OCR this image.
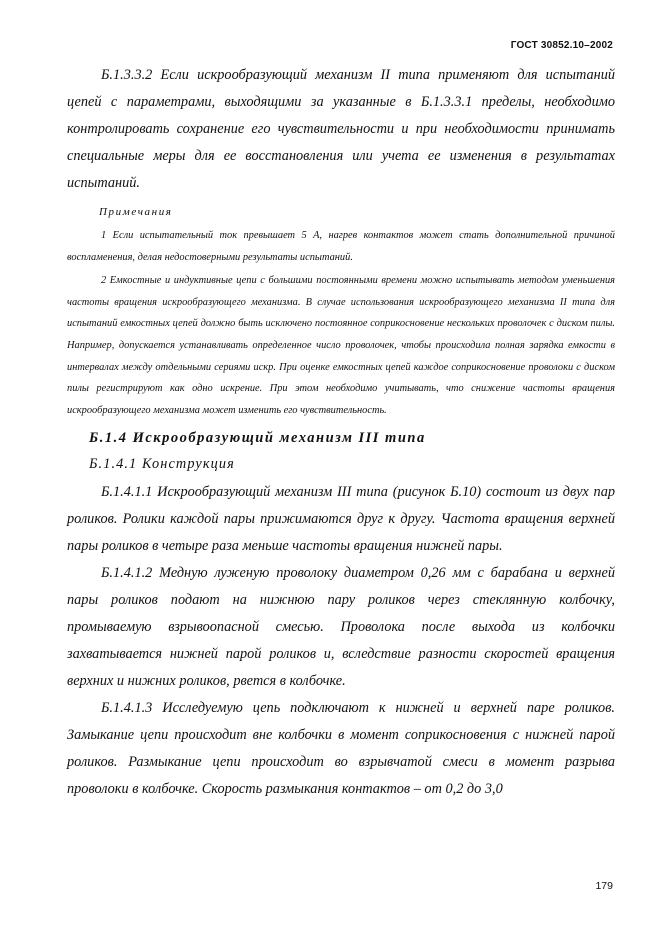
ГОСТ 30852.10–2002

Б.1.3.3.2 Если искрообразующий механизм II типа применяют для испытаний цепей с параметрами, выходящими за указанные в Б.1.3.3.1 пределы, необходимо контролировать сохранение его чувствительности и при необходимости принимать специальные меры для ее восстановления или учета ее изменения в результатах испытаний.

Примечания

1 Если испытательный ток превышает 5 А, нагрев контактов может стать дополнительной причиной воспламенения, делая недостоверными результаты испытаний.

2 Емкостные и индуктивные цепи с большими постоянными времени можно испытывать методом уменьшения частоты вращения искрообразующего механизма. В случае использования искрообразующего механизма II типа для испытаний емкостных цепей должно быть исключено постоянное соприкосновение нескольких проволочек с диском пилы. Например, допускается устанавливать определенное число проволочек, чтобы происходила полная зарядка емкости в интервалах между отдельными сериями искр. При оценке емкостных цепей каждое соприкосновение проволоки с диском пилы регистрируют как одно искрение. При этом необходимо учитывать, что снижение частоты вращения искрообразующего механизма может изменить его чувствительность.

Б.1.4 Искрообразующий механизм III типа

Б.1.4.1 Конструкция

Б.1.4.1.1 Искрообразующий механизм III типа (рисунок Б.10) состоит из двух пар роликов. Ролики каждой пары прижимаются друг к другу. Частота вращения верхней пары роликов в четыре раза меньше частоты вращения нижней пары.

Б.1.4.1.2 Медную луженую проволоку диаметром 0,26 мм с барабана и верхней пары роликов подают на нижнюю пару роликов через стеклянную колбочку, промываемую взрывоопасной смесью. Проволока после выхода из колбочки захватывается нижней парой роликов и, вследствие разности скоростей вращения верхних и нижних роликов, рвется в колбочке.

Б.1.4.1.3 Исследуемую цепь подключают к нижней и верхней паре роликов. Замыкание цепи происходит вне колбочки в момент соприкосновения с нижней парой роликов. Размыкание цепи происходит во взрывчатой смеси в момент разрыва проволоки в колбочке. Скорость размыкания контактов – от 0,2 до 3,0

179
